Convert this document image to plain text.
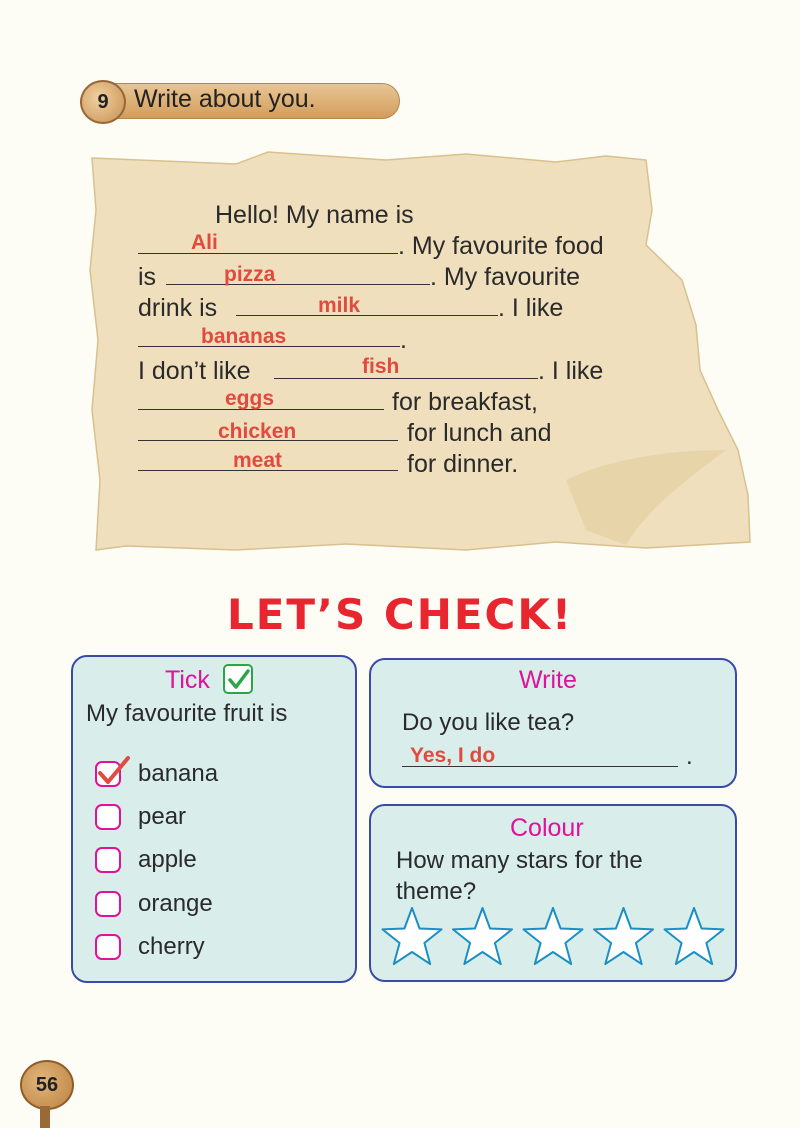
9	Write about you.
Hello! My name is
Ali	. My favourite food
is	pizza	. My favourite
drink is	milk	. I like
bananas	.
I don’t like	fish	. I like
eggs	for breakfast,
chicken	for lunch and
meat	for dinner.
LET’S CHECK!
Tick
My favourite fruit is
banana
pear
apple
orange
cherry
Write
Do you like tea?
Yes, I do	.
Colour
How many stars for the
theme?
56
